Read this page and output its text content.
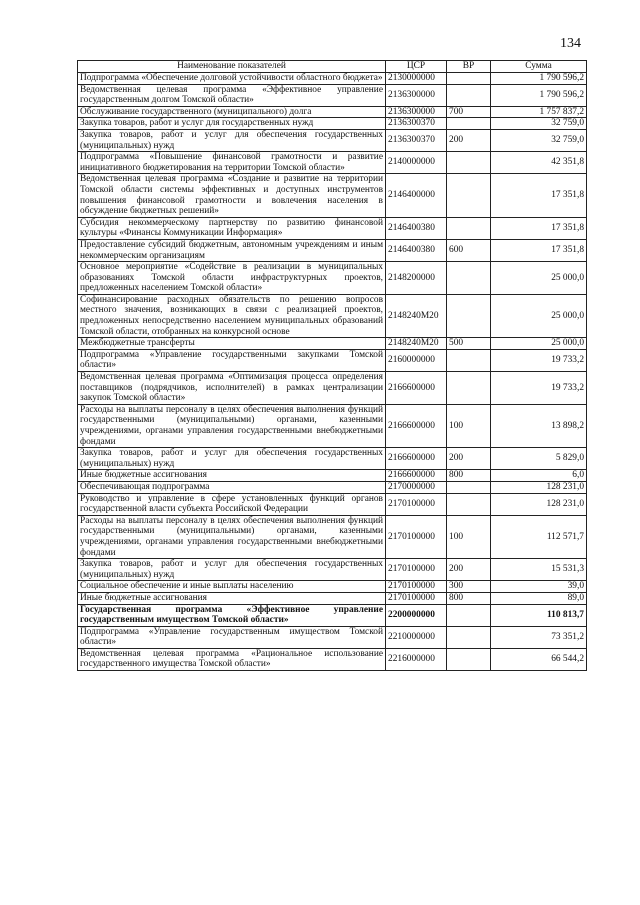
134
Наименование показателей	ЦСР	ВР	Сумма
Подпрограмма «Обеспечение долговой устойчивости областного бюджета»	2130000000		1 790 596,2
Ведомственная целевая программа «Эффективное управление государственным долгом Томской области»	2136300000		1 790 596,2
Обслуживание государственного (муниципального) долга	2136300000	700	1 757 837,2
Закупка товаров, работ и услуг для государственных нужд	2136300370		32 759,0
Закупка товаров, работ и услуг для обеспечения государственных (муниципальных) нужд	2136300370	200	32 759,0
Подпрограмма «Повышение финансовой грамотности и развитие инициативного бюджетирования на территории Томской области»	2140000000		42 351,8
Ведомственная целевая программа «Создание и развитие на территории Томской области системы эффективных и доступных инструментов повышения финансовой грамотности и вовлечения населения в обсуждение бюджетных решений»	2146400000		17 351,8
Субсидия некоммерческому партнерству по развитию финансовой культуры «Финансы Коммуникации Информация»	2146400380		17 351,8
Предоставление субсидий бюджетным, автономным учреждениям и иным некоммерческим организациям	2146400380	600	17 351,8
Основное мероприятие «Содействие в реализации в муниципальных образованиях Томской области инфраструктурных проектов, предложенных населением Томской области»	2148200000		25 000,0
Софинансирование расходных обязательств по решению вопросов местного значения, возникающих в связи с реализацией проектов, предложенных непосредственно населением муниципальных образований Томской области, отобранных на конкурсной основе	2148240М20		25 000,0
Межбюджетные трансферты	2148240М20	500	25 000,0
Подпрограмма «Управление государственными закупками Томской области»	2160000000		19 733,2
Ведомственная целевая программа «Оптимизация процесса определения поставщиков (подрядчиков, исполнителей) в рамках централизации закупок Томской области»	2166600000		19 733,2
Расходы на выплаты персоналу в целях обеспечения выполнения функций государственными (муниципальными) органами, казенными учреждениями, органами управления государственными внебюджетными фондами	2166600000	100	13 898,2
Закупка товаров, работ и услуг для обеспечения государственных (муниципальных) нужд	2166600000	200	5 829,0
Иные бюджетные ассигнования	2166600000	800	6,0
Обеспечивающая подпрограмма	2170000000		128 231,0
Руководство и управление в сфере установленных функций органов государственной власти субъекта Российской Федерации	2170100000		128 231,0
Расходы на выплаты персоналу в целях обеспечения выполнения функций государственными (муниципальными) органами, казенными учреждениями, органами управления государственными внебюджетными фондами	2170100000	100	112 571,7
Закупка товаров, работ и услуг для обеспечения государственных (муниципальных) нужд	2170100000	200	15 531,3
Социальное обеспечение и иные выплаты населению	2170100000	300	39,0
Иные бюджетные ассигнования	2170100000	800	89,0
Государственная программа «Эффективное управление государственным имуществом Томской области»	2200000000		110 813,7
Подпрограмма «Управление государственным имуществом Томской области»	2210000000		73 351,2
Ведомственная целевая программа «Рациональное использование государственного имущества Томской области»	2216000000		66 544,2
